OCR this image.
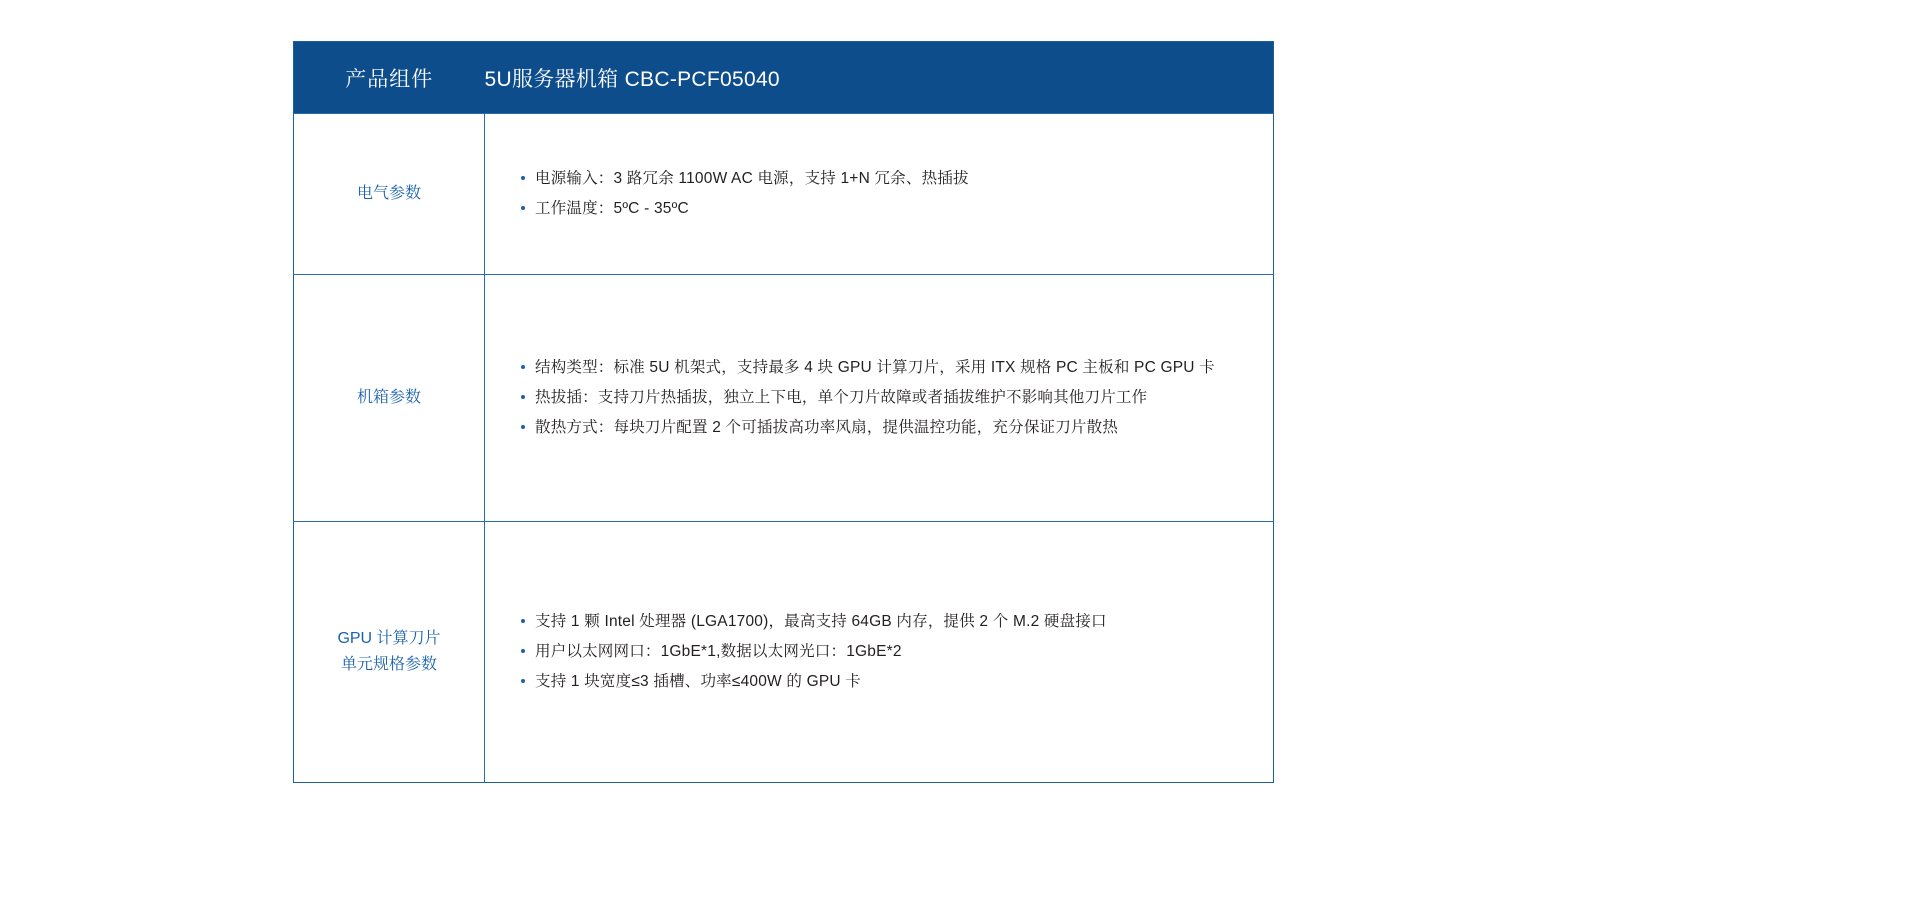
产品组件	5U服务器机箱 CBC-PCF05040
电气参数	
电源输入：3 路冗余 1100W AC 电源，支持 1+N 冗余、热插拔
工作温度：5ºC - 35ºC

机箱参数	
结构类型：标准 5U 机架式，支持最多 4 块 GPU 计算刀片，采用 ITX 规格 PC 主板和 PC GPU 卡
热拔插：支持刀片热插拔，独立上下电，单个刀片故障或者插拔维护不影响其他刀片工作
散热方式：每块刀片配置 2 个可插拔高功率风扇，提供温控功能，充分保证刀片散热

GPU 计算刀片
单元规格参数

支持 1 颗 Intel 处理器 (LGA1700)，最高支持 64GB 内存，提供 2 个 M.2 硬盘接口
用户以太网网口：1GbE*1,数据以太网光口：1GbE*2
支持 1 块宽度≤3 插槽、功率≤400W 的 GPU 卡
